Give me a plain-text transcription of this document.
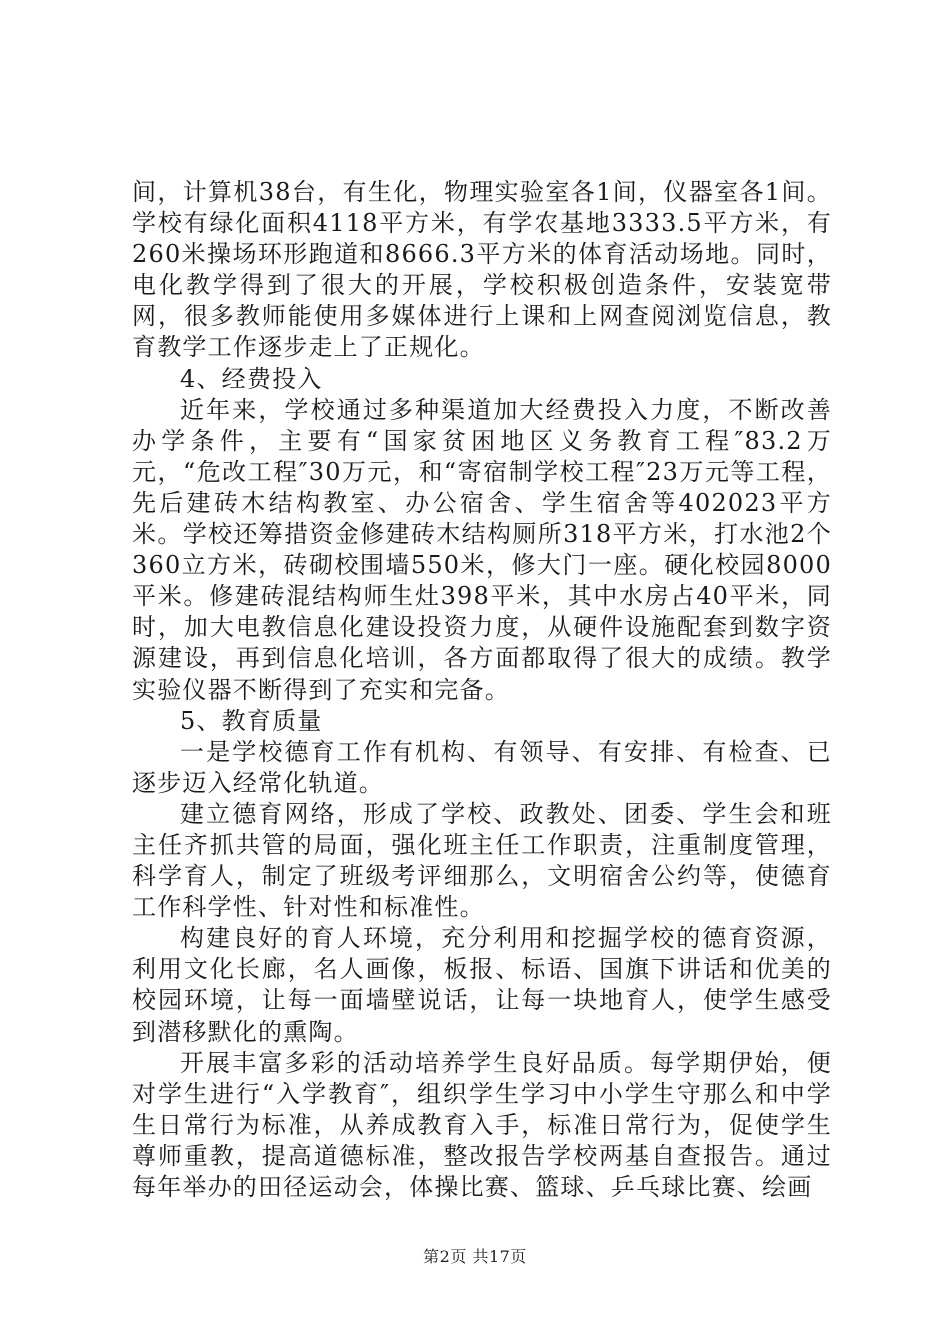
间，计算机38台，有生化，物理实验室各1间，仪器室各1间。学校有绿化面积4118平方米，有学农基地3333.5平方米，有260米操场环形跑道和8666.3平方米的体育活动场地。同时，电化教学得到了很大的开展，学校积极创造条件，安装宽带网，很多教师能使用多媒体进行上课和上网查阅浏览信息，教育教学工作逐步走上了正规化。

4、经费投入

近年来，学校通过多种渠道加大经费投入力度，不断改善办学条件，主要有“国家贫困地区义务教育工程″83.2万元，“危改工程″30万元，和“寄宿制学校工程″23万元等工程，先后建砖木结构教室、办公宿舍、学生宿舍等402023平方米。学校还筹措资金修建砖木结构厕所318平方米，打水池2个360立方米，砖砌校围墙550米，修大门一座。硬化校园8000平米。修建砖混结构师生灶398平米，其中水房占40平米，同时，加大电教信息化建设投资力度，从硬件设施配套到数字资源建设，再到信息化培训，各方面都取得了很大的成绩。教学实验仪器不断得到了充实和完备。

5、教育质量

一是学校德育工作有机构、有领导、有安排、有检查、已逐步迈入经常化轨道。

建立德育网络，形成了学校、政教处、团委、学生会和班主任齐抓共管的局面，强化班主任工作职责，注重制度管理，科学育人，制定了班级考评细那么，文明宿舍公约等，使德育工作科学性、针对性和标准性。

构建良好的育人环境，充分利用和挖掘学校的德育资源，利用文化长廊，名人画像，板报、标语、国旗下讲话和优美的校园环境，让每一面墙壁说话，让每一块地育人，使学生感受到潜移默化的熏陶。

开展丰富多彩的活动培养学生良好品质。每学期伊始，便对学生进行“入学教育″，组织学生学习中小学生守那么和中学生日常行为标准，从养成教育入手，标准日常行为，促使学生尊师重教，提高道德标准，整改报告学校两基自查报告。通过每年举办的田径运动会，体操比赛、篮球、乒乓球比赛、绘画

第2页 共17页
